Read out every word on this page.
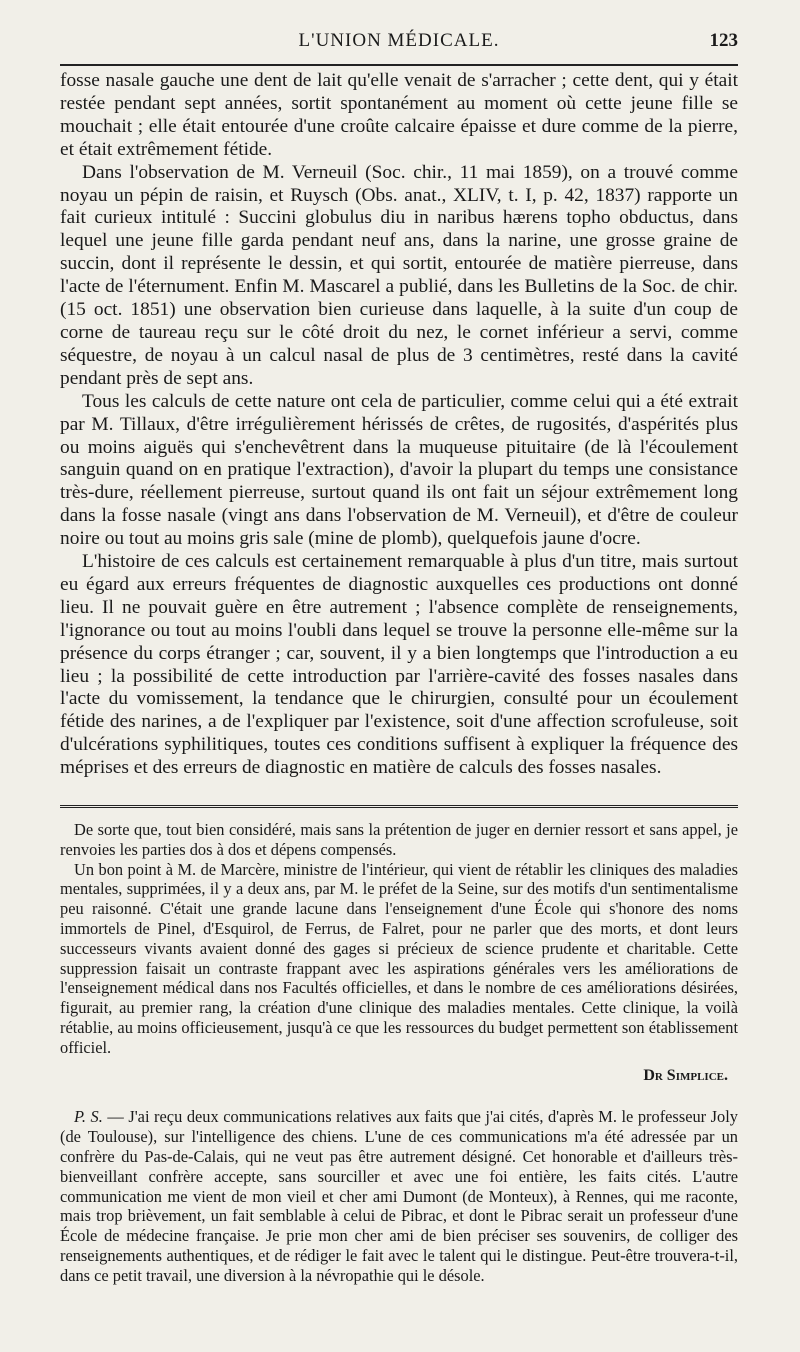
L'UNION MÉDICALE.	123

fosse nasale gauche une dent de lait qu'elle venait de s'arracher ; cette dent, qui y était restée pendant sept années, sortit spontanément au moment où cette jeune fille se mouchait ; elle était entourée d'une croûte calcaire épaisse et dure comme de la pierre, et était extrêmement fétide.

Dans l'observation de M. Verneuil (Soc. chir., 11 mai 1859), on a trouvé comme noyau un pépin de raisin, et Ruysch (Obs. anat., XLIV, t. I, p. 42, 1837) rapporte un fait curieux intitulé : Succini globulus diu in naribus hærens topho obductus, dans lequel une jeune fille garda pendant neuf ans, dans la narine, une grosse graine de succin, dont il représente le dessin, et qui sortit, entourée de matière pierreuse, dans l'acte de l'éternument. Enfin M. Mascarel a publié, dans les Bulletins de la Soc. de chir. (15 oct. 1851) une observation bien curieuse dans laquelle, à la suite d'un coup de corne de taureau reçu sur le côté droit du nez, le cornet inférieur a servi, comme séquestre, de noyau à un calcul nasal de plus de 3 centimètres, resté dans la cavité pendant près de sept ans.

Tous les calculs de cette nature ont cela de particulier, comme celui qui a été extrait par M. Tillaux, d'être irrégulièrement hérissés de crêtes, de rugosités, d'aspérités plus ou moins aiguës qui s'enchevêtrent dans la muqueuse pituitaire (de là l'écoulement sanguin quand on en pratique l'extraction), d'avoir la plupart du temps une consistance très-dure, réellement pierreuse, surtout quand ils ont fait un séjour extrêmement long dans la fosse nasale (vingt ans dans l'observation de M. Verneuil), et d'être de couleur noire ou tout au moins gris sale (mine de plomb), quelquefois jaune d'ocre.

L'histoire de ces calculs est certainement remarquable à plus d'un titre, mais surtout eu égard aux erreurs fréquentes de diagnostic auxquelles ces productions ont donné lieu. Il ne pouvait guère en être autrement ; l'absence complète de renseignements, l'ignorance ou tout au moins l'oubli dans lequel se trouve la personne elle-même sur la présence du corps étranger ; car, souvent, il y a bien longtemps que l'introduction a eu lieu ; la possibilité de cette introduction par l'arrière-cavité des fosses nasales dans l'acte du vomissement, la tendance que le chirurgien, consulté pour un écoulement fétide des narines, a de l'expliquer par l'existence, soit d'une affection scrofuleuse, soit d'ulcérations syphilitiques, toutes ces conditions suffisent à expliquer la fréquence des méprises et des erreurs de diagnostic en matière de calculs des fosses nasales.

De sorte que, tout bien considéré, mais sans la prétention de juger en dernier ressort et sans appel, je renvoies les parties dos à dos et dépens compensés.

Un bon point à M. de Marcère, ministre de l'intérieur, qui vient de rétablir les cliniques des maladies mentales, supprimées, il y a deux ans, par M. le préfet de la Seine, sur des motifs d'un sentimentalisme peu raisonné. C'était une grande lacune dans l'enseignement d'une École qui s'honore des noms immortels de Pinel, d'Esquirol, de Ferrus, de Falret, pour ne parler que des morts, et dont leurs successeurs vivants avaient donné des gages si précieux de science prudente et charitable. Cette suppression faisait un contraste frappant avec les aspirations générales vers les améliorations de l'enseignement médical dans nos Facultés officielles, et dans le nombre de ces améliorations désirées, figurait, au premier rang, la création d'une clinique des maladies mentales. Cette clinique, la voilà rétablie, au moins officieusement, jusqu'à ce que les ressources du budget permettent son établissement officiel.

Dr Simplice.

P. S. — J'ai reçu deux communications relatives aux faits que j'ai cités, d'après M. le professeur Joly (de Toulouse), sur l'intelligence des chiens. L'une de ces communications m'a été adressée par un confrère du Pas-de-Calais, qui ne veut pas être autrement désigné. Cet honorable et d'ailleurs très-bienveillant confrère accepte, sans sourciller et avec une foi entière, les faits cités. L'autre communication me vient de mon vieil et cher ami Dumont (de Monteux), à Rennes, qui me raconte, mais trop brièvement, un fait semblable à celui de Pibrac, et dont le Pibrac serait un professeur d'une École de médecine française. Je prie mon cher ami de bien préciser ses souvenirs, de colliger des renseignements authentiques, et de rédiger le fait avec le talent qui le distingue. Peut-être trouvera-t-il, dans ce petit travail, une diversion à la névropathie qui le désole.
